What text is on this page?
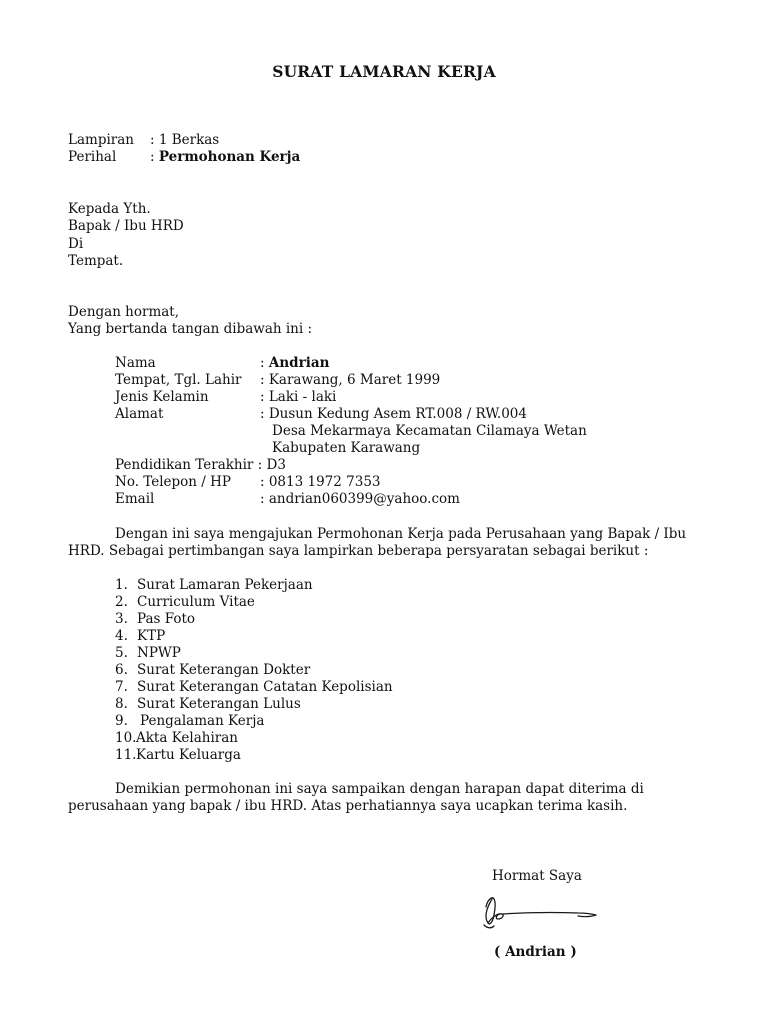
SURAT LAMARAN KERJA
Lampiran : 1 Berkas
Perihal : Permohonan Kerja
Kepada Yth.
Bapak / Ibu HRD
Di
Tempat.
Dengan hormat,
Yang bertanda tangan dibawah ini :
Nama	: Andrian
Tempat, Tgl. Lahir : Karawang, 6 Maret 1999
Jenis Kelamin	: Laki - laki
Alamat	: Dusun Kedung Asem RT.008 / RW.004
Desa Mekarmaya Kecamatan Cilamaya Wetan
Kabupaten Karawang
Pendidikan Terakhir : D3
No. Telepon / HP : 0813 1972 7353
Email	: andrian060399@yahoo.com
Dengan ini saya mengajukan Permohonan Kerja pada Perusahaan yang Bapak / Ibu
HRD. Sebagai pertimbangan saya lampirkan beberapa persyaratan sebagai berikut :
1. Surat Lamaran Pekerjaan
2. Curriculum Vitae
3. Pas Foto
4. KTP
5. NPWP
6. Surat Keterangan Dokter
7. Surat Keterangan Catatan Kepolisian
8. Surat Keterangan Lulus
9. Pengalaman Kerja
10.Akta Kelahiran
11.Kartu Keluarga
Demikian permohonan ini saya sampaikan dengan harapan dapat diterima di
perusahaan yang bapak / ibu HRD. Atas perhatiannya saya ucapkan terima kasih.
Hormat Saya
( Andrian )
